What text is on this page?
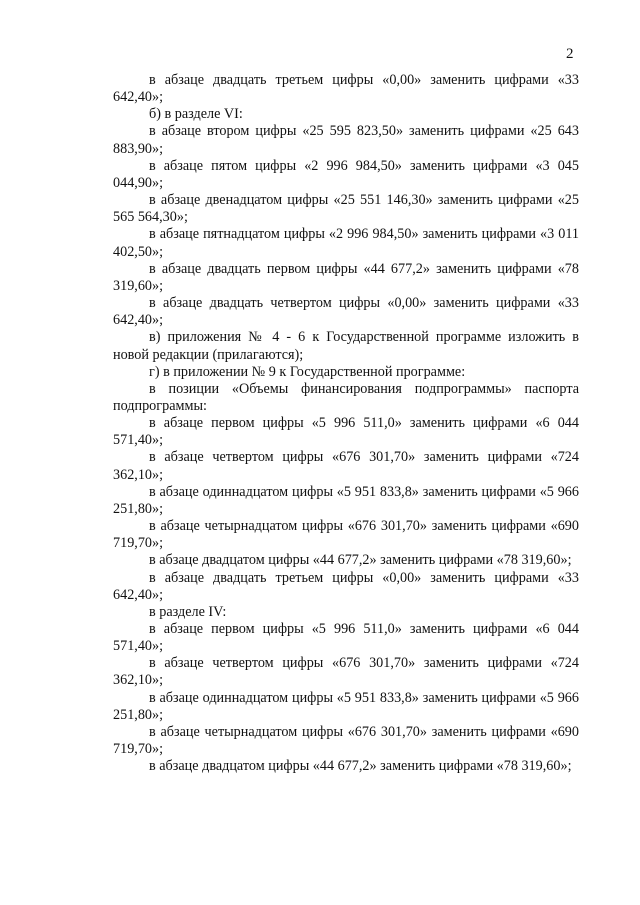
2

в абзаце двадцать третьем цифры «0,00» заменить цифрами «33 642,40»;

б) в разделе VI:

в абзаце втором цифры «25 595 823,50» заменить цифрами «25 643 883,90»;

в абзаце пятом цифры «2 996 984,50» заменить цифрами «3 045 044,90»;

в абзаце двенадцатом цифры «25 551 146,30» заменить цифрами «25 565 564,30»;

в абзаце пятнадцатом цифры «2 996 984,50» заменить цифрами «3 011 402,50»;

в абзаце двадцать первом цифры «44 677,2» заменить цифрами «78 319,60»;

в абзаце двадцать четвертом цифры «0,00» заменить цифрами «33 642,40»;

в) приложения № 4 - 6 к Государственной программе изложить в новой редакции (прилагаются);

г) в приложении № 9 к Государственной программе:

в позиции «Объемы финансирования подпрограммы» паспорта подпрограммы:

в абзаце первом цифры «5 996 511,0» заменить цифрами «6 044 571,40»;

в абзаце четвертом цифры «676 301,70» заменить цифрами «724 362,10»;

в абзаце одиннадцатом цифры «5 951 833,8» заменить цифрами «5 966 251,80»;

в абзаце четырнадцатом цифры «676 301,70» заменить цифрами «690 719,70»;

в абзаце двадцатом цифры «44 677,2» заменить цифрами «78 319,60»;

в абзаце двадцать третьем цифры «0,00» заменить цифрами «33 642,40»;

в разделе IV:

в абзаце первом цифры «5 996 511,0» заменить цифрами «6 044 571,40»;

в абзаце четвертом цифры «676 301,70» заменить цифрами «724 362,10»;

в абзаце одиннадцатом цифры «5 951 833,8» заменить цифрами «5 966 251,80»;

в абзаце четырнадцатом цифры «676 301,70» заменить цифрами «690 719,70»;

в абзаце двадцатом цифры «44 677,2» заменить цифрами «78 319,60»;
